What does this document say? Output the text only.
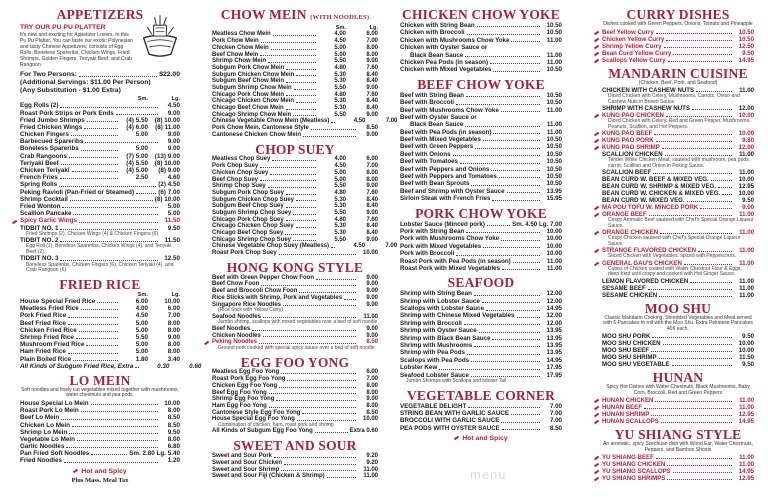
APPETIZERS
TRY OUR PU PU PLATTER
It's new and exciting for Appetizer Lovers. In this Pu Pu Platter, You can taste our exotic Polynesian and tasty Chinese Appetizers; consists of Egg Rolls, Boneless Spareribs, Chicken Wings, Fried Shrimps, Golden Fingers, Teriyaki Beef, and Crab Rangoon.
For Two Persons:	$22.00
(Additional Servings: $11.00 Per Person)
(Any Substitution - $1.00 Extra)
Sm.	Lg.
Egg Rolls (2)	4.50
Roast Pork Strips or Pork Ends	9.00
Fried Jumbo Shrimps	(4) 5.50	(8) 10.00
Fried Chicken Wings	(4) 6.00	(8) 11.00
Chicken Fingers	5.00	9.00
Barbecued Spareribs	9.00
Boneless Spareribs	5.00	9.00
Crab Rangoons	(7) 5.00	(13) 9.00
Teriyaki Beef	(4) 5.50	(8) 10.00
Chicken Teriyaki	(4) 5.00	(8) 9.00
French Fries	2.50	4.60
Spring Rolls	(2) 4.50
Peking Ravioli (Pan-Fried or Steamed)	(6) 7.00
Shrimp Cocktail	(8) 10.00
Fried Wonton	5.00
Scallion Pancake	5.00
Spicy Garlic Wings	11.50
TIDBIT NO. 1	9.50
Fried Shrimps (2), Chicken Wings (4) & Chicken Fingers (6).
TIDBIT NO. 2	11.50
Egg Roll (1), Boneless Spareribs, Chicken Wings (4), and Teriyaki Beef (2).
TIDBIT NO. 3	12.50
Boneless Spareribs, Chicken Fingers (6), Chicken Teriyaki (4), and Crab Rangoon (6).
FRIED RICE
Sm.	Lg.
House Special Fried Rice	6.00	10.00
Meatless Fried Rice	4.00	6.00
Pork Fried Rice	4.50	7.00
Beef Fried Rice	5.00	8.00
Chicken Fried Rice	5.00	8.00
Shrimp Fried Rice	5.50	9.00
Mushroom Fried Rice	5.00	8.00
Ham Fried Rice	5.00	8.00
Plain Boiled Rice	1.80	3.40
All Kinds of Subgum Fried Rice, Extra	0.30	0.60
LO MEIN
Soft noodles and finely cut vegetables mixed together with mushrooms, water chestnuts and pea pods.
House Special Lo Mein	10.00
Roast Pork Lo Mein	8.00
Beef Lo Mein	8.50
Chicken Lo Mein	8.50
Shrimp Lo Mein	9.50
Vegetable Lo Mein	8.00
Garlic Noodles	6.80
Pan Fried Soft Noodles	Sm. 2.80 Lg. 5.40
Fried Noodles	1.20
Hot and Spicy
Plus Mass. Meal Tax
CHOW MEIN (WITH NOODLES)
Sm.	Lg.
Meatless Chow Mein	4.00	6.00
Pork Chow Mein	4.50	7.00
Chicken Chow Mein	5.00	8.00
Beef Chow Mein	5.00	8.00
Shrimp Chow Mein	5.50	9.00
Subgum Pork Chow Mein	4.80	7.60
Subgum Chicken Chow Mein	5.30	8.40
Subgum Beef Chow Mein	5.30	8.40
Subgum Shrimp Chow Mein	5.50	9.00
Chicago Pork Chow Mein	4.80	7.60
Chicago Chicken Chow Mein	5.30	8.40
Chicago Beef Chow Mein	5.30	8.40
Chicago Shrimp Chow Mein	5.50	9.00
Chinese Vegetable Chow Mein (Meatless)	4.50	7.00
Pork Chow Mein, Cantonese Style	8.50
Cantonese Chicken Chow Mein	9.00
CHOP SUEY
Meatless Chop Suey	4.00	6.00
Pork Chop Suey	4.50	7.00
Chicken Chop Suey	5.00	8.00
Beef Chop Suey	5.00	8.00
Shrimp Chop Suey	5.50	9.00
Subgum Pork Chop Suey	4.80	7.60
Subgum Chicken Chop Suey	5.30	8.40
Subgum Beef Chop Suey	5.30	8.40
Subgum Shrimp Chop Suey	5.50	9.00
Chicago Pork Chop Suey	4.80	7.60
Chicago Chicken Chop Suey	5.30	8.40
Chicago Beef Chop Suey	5.30	8.40
Chicago Shrimp Chop Suey	5.50	9.00
Chinese Vegetable Chop Suey (Meatless)	4.50	7.00
Roast Pork Chop Suey	10.00
HONG KONG STYLE
Beef with Green Pepper Chow Foon	9.00
Beef Chow Foon	9.00
Beef and Broccoli Chow Foon	9.00
Rice Sticks with Shrimp, Pork and Vegetables	9.00
Singapore Rice Noodles	9.00
(Rice Stick with Yellow Curry)
Seafood Noodles	11.00
Jumbo shrimp, scallops with mixed vegetables over a bed of soft noodle
Beef Noodles	9.00
Chicken Noodles	9.00
Peking Noodles	8.50
Ground pork cooked with special spicy sauce over a bed of soft noodle
EGG FOO YONG
Meatless Egg Foo Yong	6.00
Roast Pork Egg Foo Yong	7.00
Chicken Egg Foo Yong	8.00
Beef Egg Foo Yong	8.00
Shrimp Egg Foo Yong	9.00
Ham Egg Foo Yong	8.00
Cantonese Style Egg Foo Yong	8.50
House Special Egg Foo Yong	10.00
Combination of chicken, ham, roast pork and shrimp
All Kinds of Subgum Egg Foo Yong	Extra 0.60
SWEET AND SOUR
Sweet and Sour Pork	9.20
Sweet and Sour Chicken	9.20
Sweet and Sour Shrimp	11.00
Sweet and Sour Fiji (Chicken & Shrimp)	11.00
CHICKEN CHOW YOKE
Chicken with String Bean	10.50
Chicken with Broccoli	10.50
Chicken with Mushrooms Chow Yoke	11.00
Chicken with Oyster Sauce or
Black Bean Sauce	11.00
Chicken Pea Pods (in season)	11.00
Chicken with Mixed Vegetables	10.50
BEEF CHOW YOKE
Beef with String Bean	10.50
Beef with Broccoli	10.50
Beef with Mushrooms Chow Yoke	11.00
Beef with Oyster Sauce or
Black Bean Sauce	11.00
Beef with Pea Pods (in season)	11.00
Beef with Mixed Vegetables	10.50
Beef with Green Peppers	10.50
Beef with Onions	10.50
Beef with Tomatoes	10.50
Beef with Peppers and Onions	10.50
Beef with Peppers and Tomatoes	10.50
Beef with Bean Sprouts	10.50
Beef and Shrimp with Oyster Sauce	13.95
Sirloin Steak with French Fries	15.95
PORK CHOW YOKE
Lobster Sauce (Minced pork)	Sm. 4.50 Lg. 7.00
Pork with String Bean	10.00
Pork with Mushrooms Chow Yoke	10.00
Pork with Mixed Vegetables	10.00
Pork with Broccoli	10.00
Roast Pork with Pea Pods (in season)	11.00
Roast Pork with Mixed Vegetables	11.00
SEAFOOD
Shrimp with String Bean	12.00
Shrimp with Lobster Sauce	12.00
Scallops with Lobster Sauce	14.95
Shrimp with Chinese Mixed Vegetables	12.00
Shrimp with Broccoli	12.00
Shrimp with Oyster Sauce	13.95
Shrimp with Black Bean Sauce	13.95
Shrimp with Mushrooms	13.95
Shrimp with Pea Pods	13.95
Scallops with Pea Pods	14.95
Lobster Kew	17.95
Seafood Lobster Sauce	17.95
Jumbo Shrimps with Scallops and lobster Tail
VEGETABLE CORNER
VEGETABLE DELIGHT	7.00
STRING BEAN WITH GARLIC SAUCE	7.00
BROCCOLI WITH GARLIC SAUCE	7.00
PEA PODS WITH OYSTER SAUCE	8.50
Hot and Spicy
CURRY DISHES
Dishes cooked with Green Peppers, Onions, Tomato and Pineapple
Beef Yellow Curry	10.50
Chicken Yellow Curry	10.50
Shrimp Yellow Curry	12.50
Bean Curd Yellow Curry	9.50
Scallops Yellow Curry	14.95
MANDARIN CUISINE
(Chicken, Beef, Pork, and Seafood)
CHICKEN WITH CASHEW NUTS	11.00
Diced Chicken with Celery, Mushrooms, Carrots, Onion and Cashew Nuts in Brown Sauce.
SHRIMP WITH CASHEW NUTS	12.00
KUNG PAO CHICKEN	10.00
Diced Chicken with Celery, Red and Green Pepper, Mushrooms, Peanuts, Scallion, and Hot Peppers.
KUNG PAO BEEF	10.00
KUNG PAO PORK	9.80
KUNG PAO SHRIMP	12.00
SCALLION CHICKEN	11.00
Tender White Chicken Meat, sauteed with mushroom, pea pods, carrot, Scallion and Onion in Peking Sauce.
SCALLION BEEF	11.00
BEAN CURD W. BEEF & MIXED VEG.	10.00
BEAN CURD W. SHRIMP & MIXED VEG.	12.95
BEAN CURD W. CHICKEN & MIXED VEG.	10.00
BEAN CURD W. MIXED VEG.	9.50
MA POU TOFU W. MINCED PORK	9.00
ORANGE BEEF	11.00
Crispy Aromatic Beef sauteed with Chef's Special Orange Liqueur Sauce.
ORANGE CHICKEN	11.00
Crispy Chicken sauteed with Chef's Special Orange Liqueur Sauce.
STRANGE FLAVORED CHICKEN	11.00
Sliced Chicken with Vegetables, spiced with Peppercorns.
GENERAL GAU'S CHICKEN	11.00
Cubes of Chicken coated with Water Chestnut Flour & Eggs, deep fried until crispy and cooked with Hot Ginger Sauce.
LEMON FLAVORED CHICKEN	11.00
SESAME BEEF	11.00
SESAME CHICKEN	11.00
MOO SHU
Classic Mandarin Cooking, Shredded Vegetables and Meat served with 6 Pancakes to roll with the Moo Shu. Extra Pekinese Pancakes 40¢ each.
MOO SHU PORK	9.50
MOO SHU CHICKEN	10.00
MOO SHU BEEF	10.00
MOO SHU SHRIMP	11.50
MOO SHU VEGETABLE	9.50
HUNAN
Spicy Hot Dishes with Water Chestnuts, Black Mushrooms, Baby Corn, Broccoli, Red and Green Peppers
HUNAN CHICKEN	11.00
HUNAN BEEF	11.00
HUNAN SHRIMP	12.95
HUNAN SCALLOPS	14.95
YU SHIANG STYLE
An aromatic, spicy Szechuan dish with Wood Ear, Water Chestnuts, Peppers, and Bamboo Shoots
YU SHIANG BEEF	11.00
YU SHIANG CHICKEN	11.00
YU SHIANG SCALLOPS	14.95
YU SHIANG SHRIMPS	12.95
menu
